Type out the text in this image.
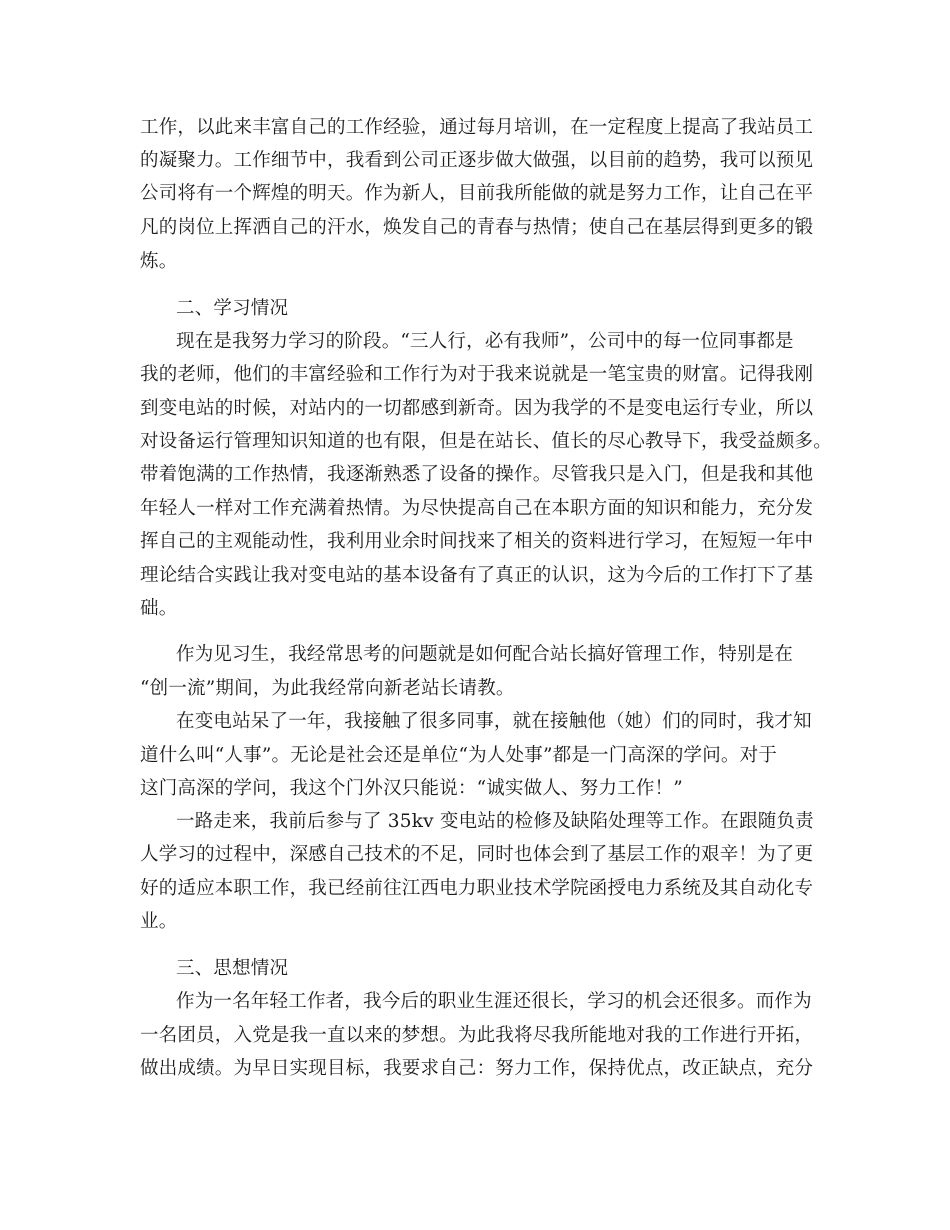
工作，以此来丰富自己的工作经验，通过每月培训，在一定程度上提高了我站员工
的凝聚力。工作细节中，我看到公司正逐步做大做强，以目前的趋势，我可以预见
公司将有一个辉煌的明天。作为新人，目前我所能做的就是努力工作，让自己在平
凡的岗位上挥洒自己的汗水，焕发自己的青春与热情；使自己在基层得到更多的锻
炼。
二、学习情况
现在是我努力学习的阶段。“三人行，必有我师”，公司中的每一位同事都是
我的老师，他们的丰富经验和工作行为对于我来说就是一笔宝贵的财富。记得我刚
到变电站的时候，对站内的一切都感到新奇。因为我学的不是变电运行专业，所以
对设备运行管理知识知道的也有限，但是在站长、值长的尽心教导下，我受益颇多。
带着饱满的工作热情，我逐渐熟悉了设备的操作。尽管我只是入门，但是我和其他
年轻人一样对工作充满着热情。为尽快提高自己在本职方面的知识和能力，充分发
挥自己的主观能动性，我利用业余时间找来了相关的资料进行学习，在短短一年中
理论结合实践让我对变电站的基本设备有了真正的认识，这为今后的工作打下了基
础。
作为见习生，我经常思考的问题就是如何配合站长搞好管理工作，特别是在
“创一流”期间，为此我经常向新老站长请教。
在变电站呆了一年，我接触了很多同事，就在接触他（她）们的同时，我才知
道什么叫“人事”。无论是社会还是单位“为人处事”都是一门高深的学问。对于
这门高深的学问，我这个门外汉只能说：“诚实做人、努力工作！”
一路走来，我前后参与了 35kv 变电站的检修及缺陷处理等工作。在跟随负责
人学习的过程中，深感自己技术的不足，同时也体会到了基层工作的艰辛！为了更
好的适应本职工作，我已经前往江西电力职业技术学院函授电力系统及其自动化专
业。
三、思想情况
作为一名年轻工作者，我今后的职业生涯还很长，学习的机会还很多。而作为
一名团员，入党是我一直以来的梦想。为此我将尽我所能地对我的工作进行开拓，
做出成绩。为早日实现目标，我要求自己：努力工作，保持优点，改正缺点，充分
